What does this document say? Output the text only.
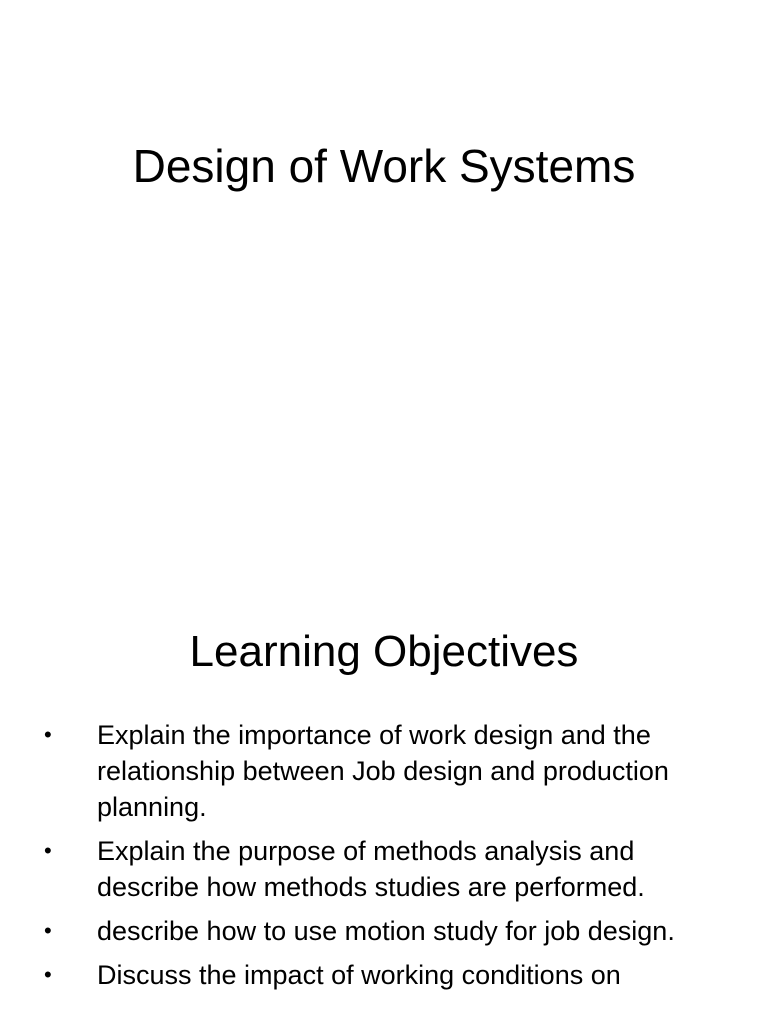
Design of Work Systems
Learning Objectives
• Explain the importance of work design and the relationship between Job design and production planning.
• Explain the purpose of methods analysis and describe how methods studies are performed.
• describe how to use motion study for job design.
• Discuss the impact of working conditions on
